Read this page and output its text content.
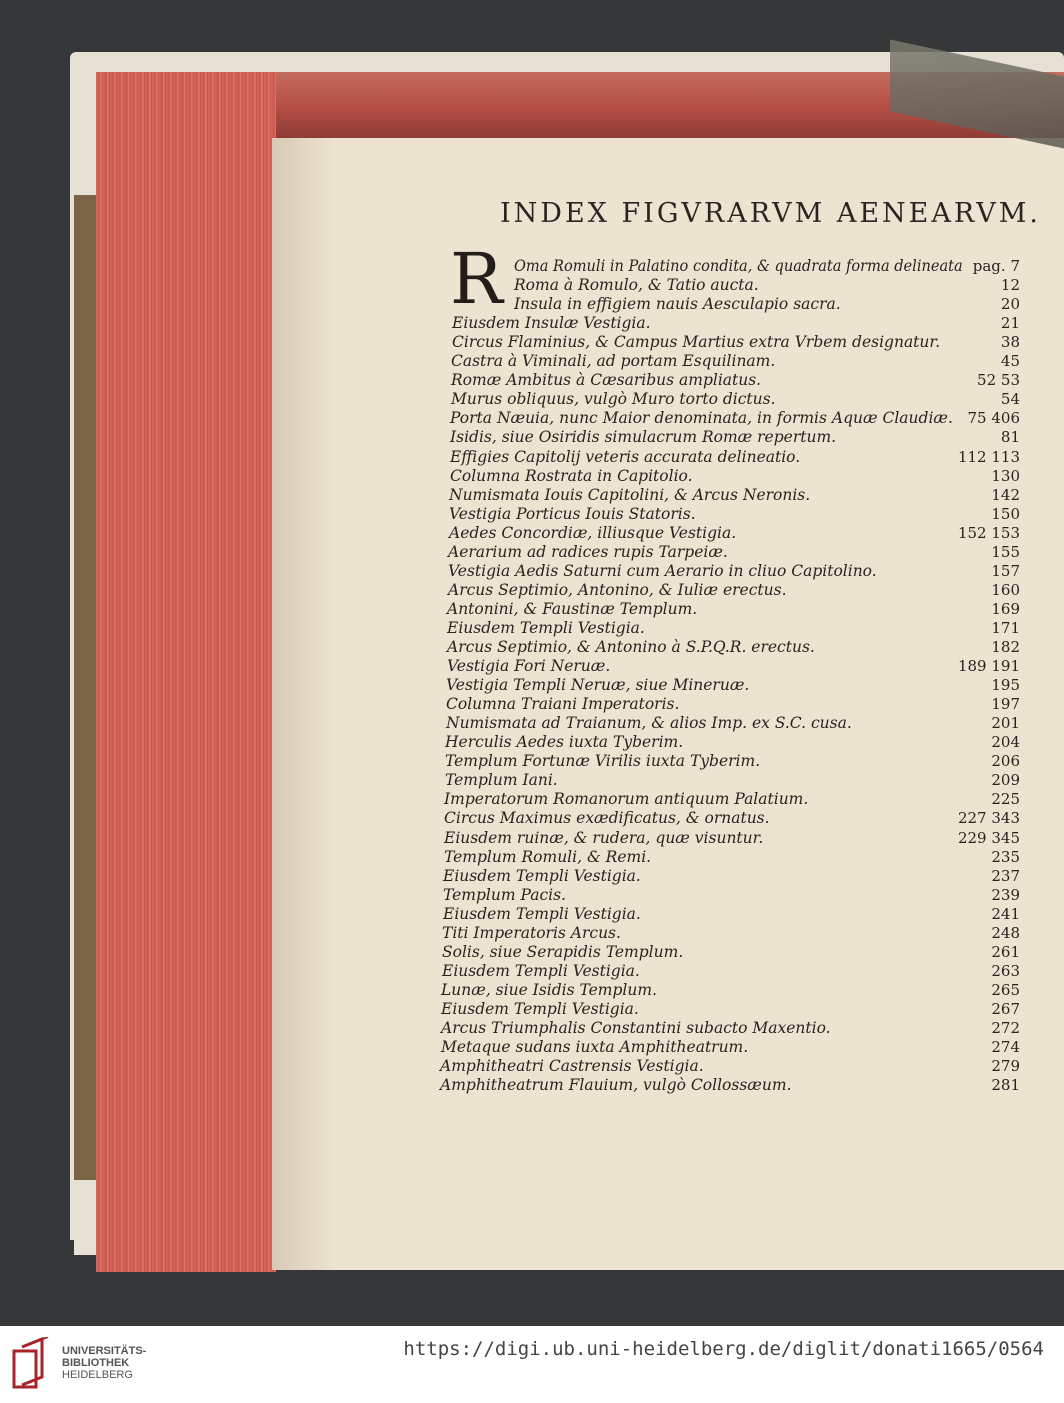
INDEX FIGVRARVM AENEARVM.
R Oma Romuli in Palatino condita, & quadrata forma delineata pag. 7
Roma à Romulo, & Tatio aucta.	12
Insula in effigiem nauis Aesculapio sacra.	20
Eiusdem Insulæ Vestigia.	21
Circus Flaminius, & Campus Martius extra Vrbem designatur.	38
Castra à Viminali, ad portam Esquilinam.	45
Romæ Ambitus à Cæsaribus ampliatus.	52 53
Murus obliquus, vulgò Muro torto dictus.	54
Porta Næuia, nunc Maior denominata, in formis Aquæ Claudiæ. 75 406
Isidis, siue Osiridis simulacrum Romæ repertum.	81
Effigies Capitolij veteris accurata delineatio.	112 113
Columna Rostrata in Capitolio.	130
Numismata Iouis Capitolini, & Arcus Neronis.	142
Vestigia Porticus Iouis Statoris.	150
Aedes Concordiæ, illiusque Vestigia.	152 153
Aerarium ad radices rupis Tarpeiæ.	155
Vestigia Aedis Saturni cum Aerario in cliuo Capitolino.	157
Arcus Septimio, Antonino, & Iuliæ erectus.	160
Antonini, & Faustinæ Templum.	169
Eiusdem Templi Vestigia.	171
Arcus Septimio, & Antonino à S.P.Q.R. erectus.	182
Vestigia Fori Neruæ.	189 191
Vestigia Templi Neruæ, siue Mineruæ.	195
Columna Traiani Imperatoris.	197
Numismata ad Traianum, & alios Imp. ex S.C. cusa.	201
Herculis Aedes iuxta Tyberim.	204
Templum Fortunæ Virilis iuxta Tyberim.	206
Templum Iani.	209
Imperatorum Romanorum antiquum Palatium.	225
Circus Maximus exædificatus, & ornatus.	227 343
Eiusdem ruinæ, & rudera, quæ visuntur.	229 345
Templum Romuli, & Remi.	235
Eiusdem Templi Vestigia.	237
Templum Pacis.	239
Eiusdem Templi Vestigia.	241
Titi Imperatoris Arcus.	248
Solis, siue Serapidis Templum.	261
Eiusdem Templi Vestigia.	263
Lunæ, siue Isidis Templum.	265
Eiusdem Templi Vestigia.	267
Arcus Triumphalis Constantini subacto Maxentio.	272
Metaque sudans iuxta Amphitheatrum.	274
Amphitheatri Castrensis Vestigia.	279
Amphitheatrum Flauium, vulgò Collossæum.	281
UNIVERSITÄTS-
BIBLIOTHEK
HEIDELBERG
https://digi.ub.uni-heidelberg.de/diglit/donati1665/0564
